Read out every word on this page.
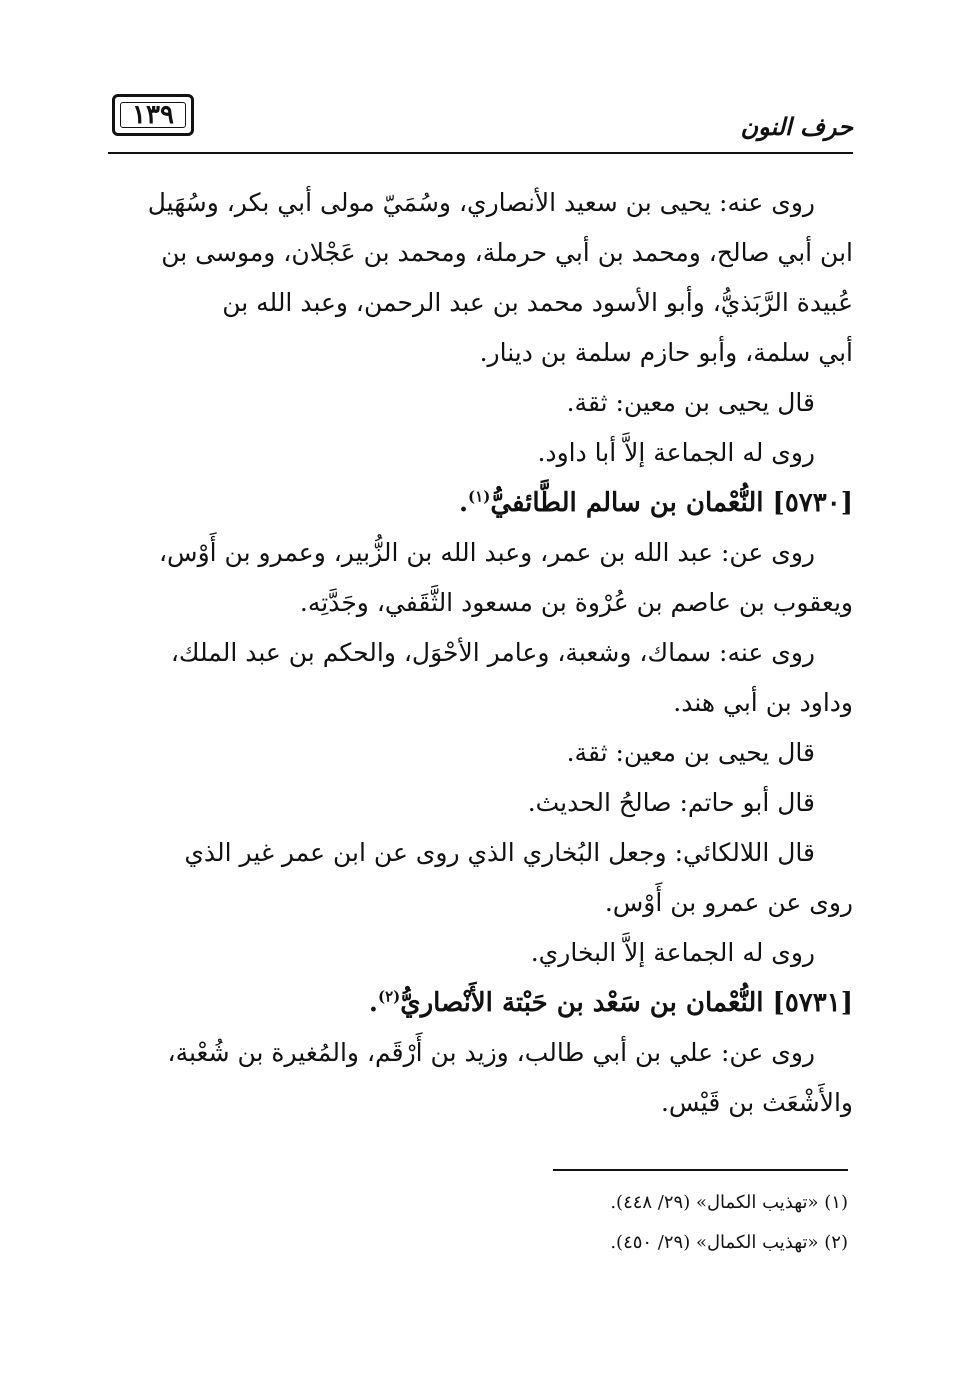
١٣٩	حرف النون

روى عنه: يحيى بن سعيد الأنصاري، وسُمَيّ مولى أبي بكر، وسُهَيل

ابن أبي صالح، ومحمد بن أبي حرملة، ومحمد بن عَجْلان، وموسى بن

عُبيدة الرَّبَذيُّ، وأبو الأسود محمد بن عبد الرحمن، وعبد الله بن

أبي سلمة، وأبو حازم سلمة بن دينار.

قال يحيى بن معين: ثقة.

روى له الجماعة إلاَّ أبا داود.

[٥٧٣٠] النُّعْمان بن سالم الطَّائفيُّ$^{(١)}$.

روى عن: عبد الله بن عمر، وعبد الله بن الزُّبير، وعمرو بن أَوْس،

ويعقوب بن عاصم بن عُرْوة بن مسعود الثَّقَفي، وجَدَّتِه.

روى عنه: سماك، وشعبة، وعامر الأحْوَل، والحكم بن عبد الملك،

وداود بن أبي هند.

قال يحيى بن معين: ثقة.

قال أبو حاتم: صالحُ الحديث.

قال اللالكائي: وجعل البُخاري الذي روى عن ابن عمر غير الذي

روى عن عمرو بن أَوْس.

روى له الجماعة إلاَّ البخاري.

[٥٧٣١] النُّعْمان بن سَعْد بن حَبْتة الأَنْصاريُّ$^{(٢)}$.

روى عن: علي بن أبي طالب، وزيد بن أَرْقَم، والمُغيرة بن شُعْبة،

والأَشْعَث بن قَيْس.

(١) «تهذيب الكمال» (٢٩/ ٤٤٨).

(٢) «تهذيب الكمال» (٢٩/ ٤٥٠).
